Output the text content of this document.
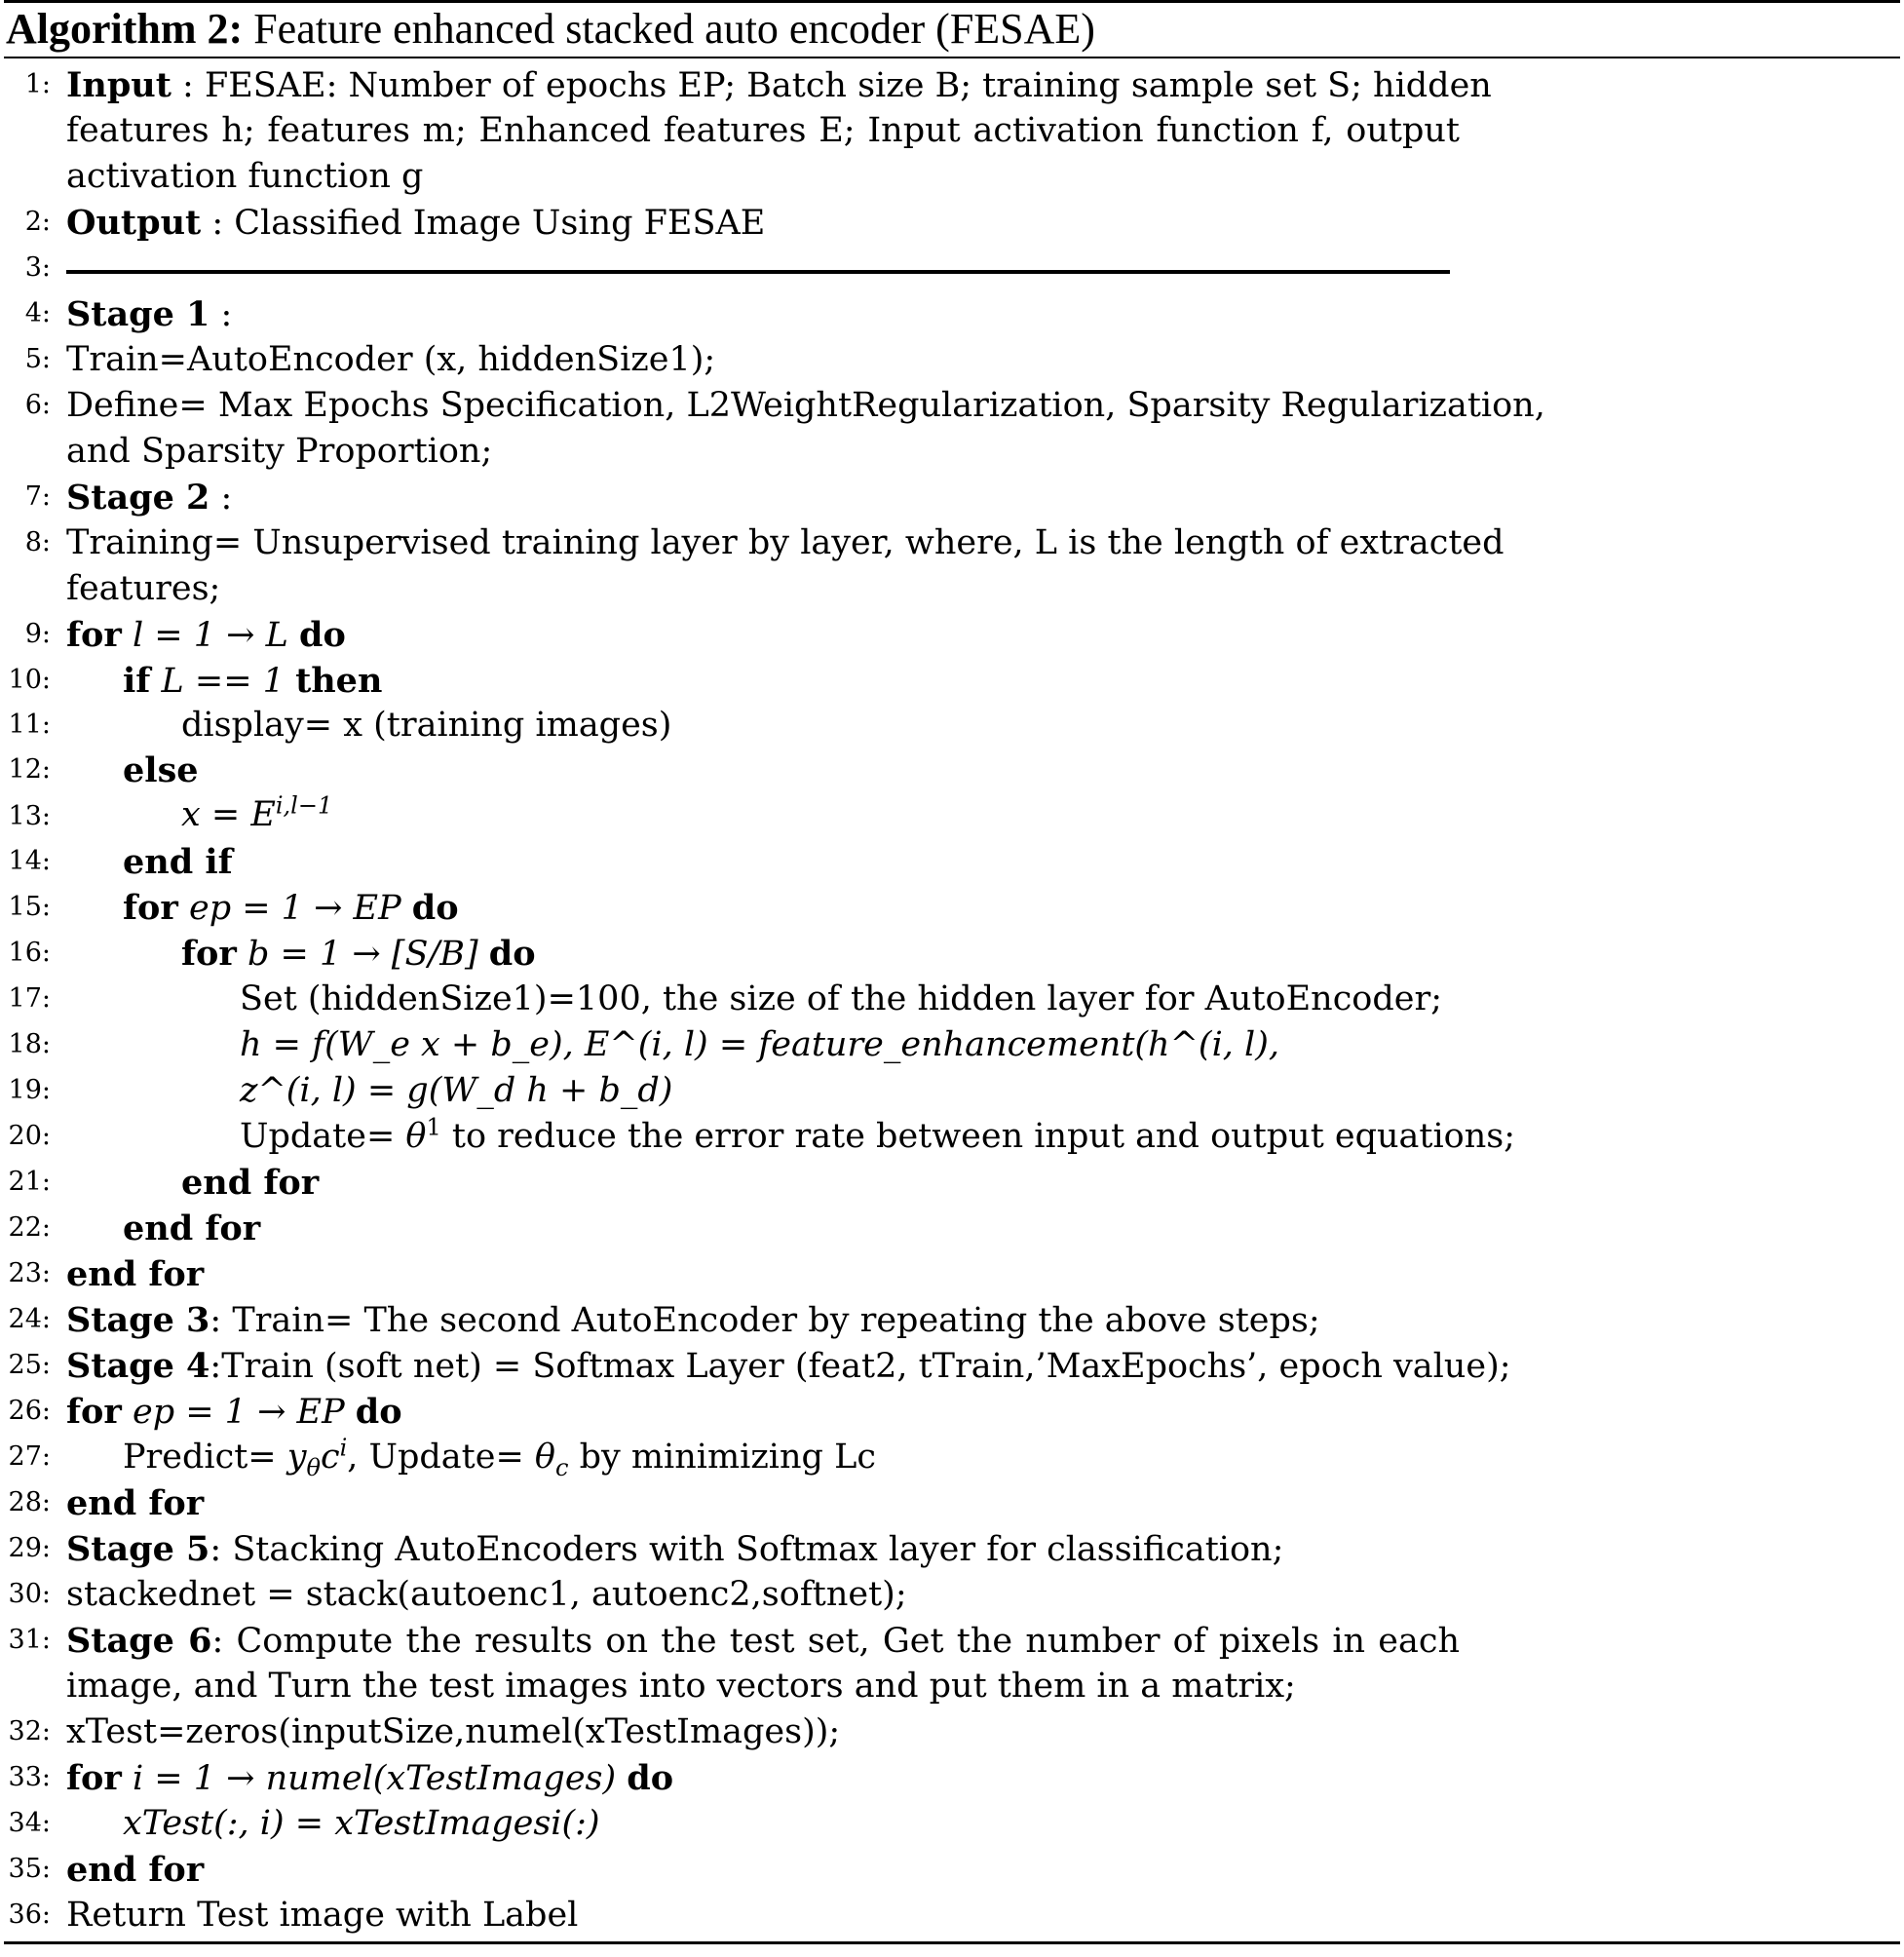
Algorithm 2: Feature enhanced stacked auto encoder (FESAE)
1: Input : FESAE: Number of epochs EP; Batch size B; training sample set S; hidden
features h; features m; Enhanced features E; Input activation function f, output
activation function g
2: Output : Classified Image Using FESAE
3:
4: Stage 1 :
5: Train=AutoEncoder (x, hiddenSize1);
6: Define= Max Epochs Specification, L2WeightRegularization, Sparsity Regularization,
and Sparsity Proportion;
7: Stage 2 :
8: Training= Unsupervised training layer by layer, where, L is the length of extracted
features;
9: for l = 1 → L do
10: if L == 1 then
11:	display= x (training images)
12: else
13:	$x = E^{i,l-1}$
14: end if
15: for ep = 1 → EP do
16:	for b = 1 → [S/B] do
17:	Set (hiddenSize1)=100, the size of the hidden layer for AutoEncoder;
18:	h = f(W_e x + b_e), E^(i, l) = feature_enhancement(h^(i, l),
19:	z^(i, l) = g(W_d h + b_d)
20:	Update= $\theta^1$ to reduce the error rate between input and output equations;
21:	end for
22: end for
23: end for
24: Stage 3: Train= The second AutoEncoder by repeating the above steps;
25: Stage 4:Train (soft net) = Softmax Layer (feat2, tTrain,’MaxEpochs’, epoch value);
26: for ep = 1 → EP do
27: Predict= $y_\theta c^i$, Update= $\theta_c$ by minimizing Lc
28: end for
29: Stage 5: Stacking AutoEncoders with Softmax layer for classification;
30: stackednet = stack(autoenc1, autoenc2,softnet);
31: Stage 6: Compute the results on the test set, Get the number of pixels in each
image, and Turn the test images into vectors and put them in a matrix;
32: xTest=zeros(inputSize,numel(xTestImages));
33: for i = 1 → numel(xTestImages) do
34: xTest(:, i) = xTestImagesi(:)
35: end for
36: Return Test image with Label
